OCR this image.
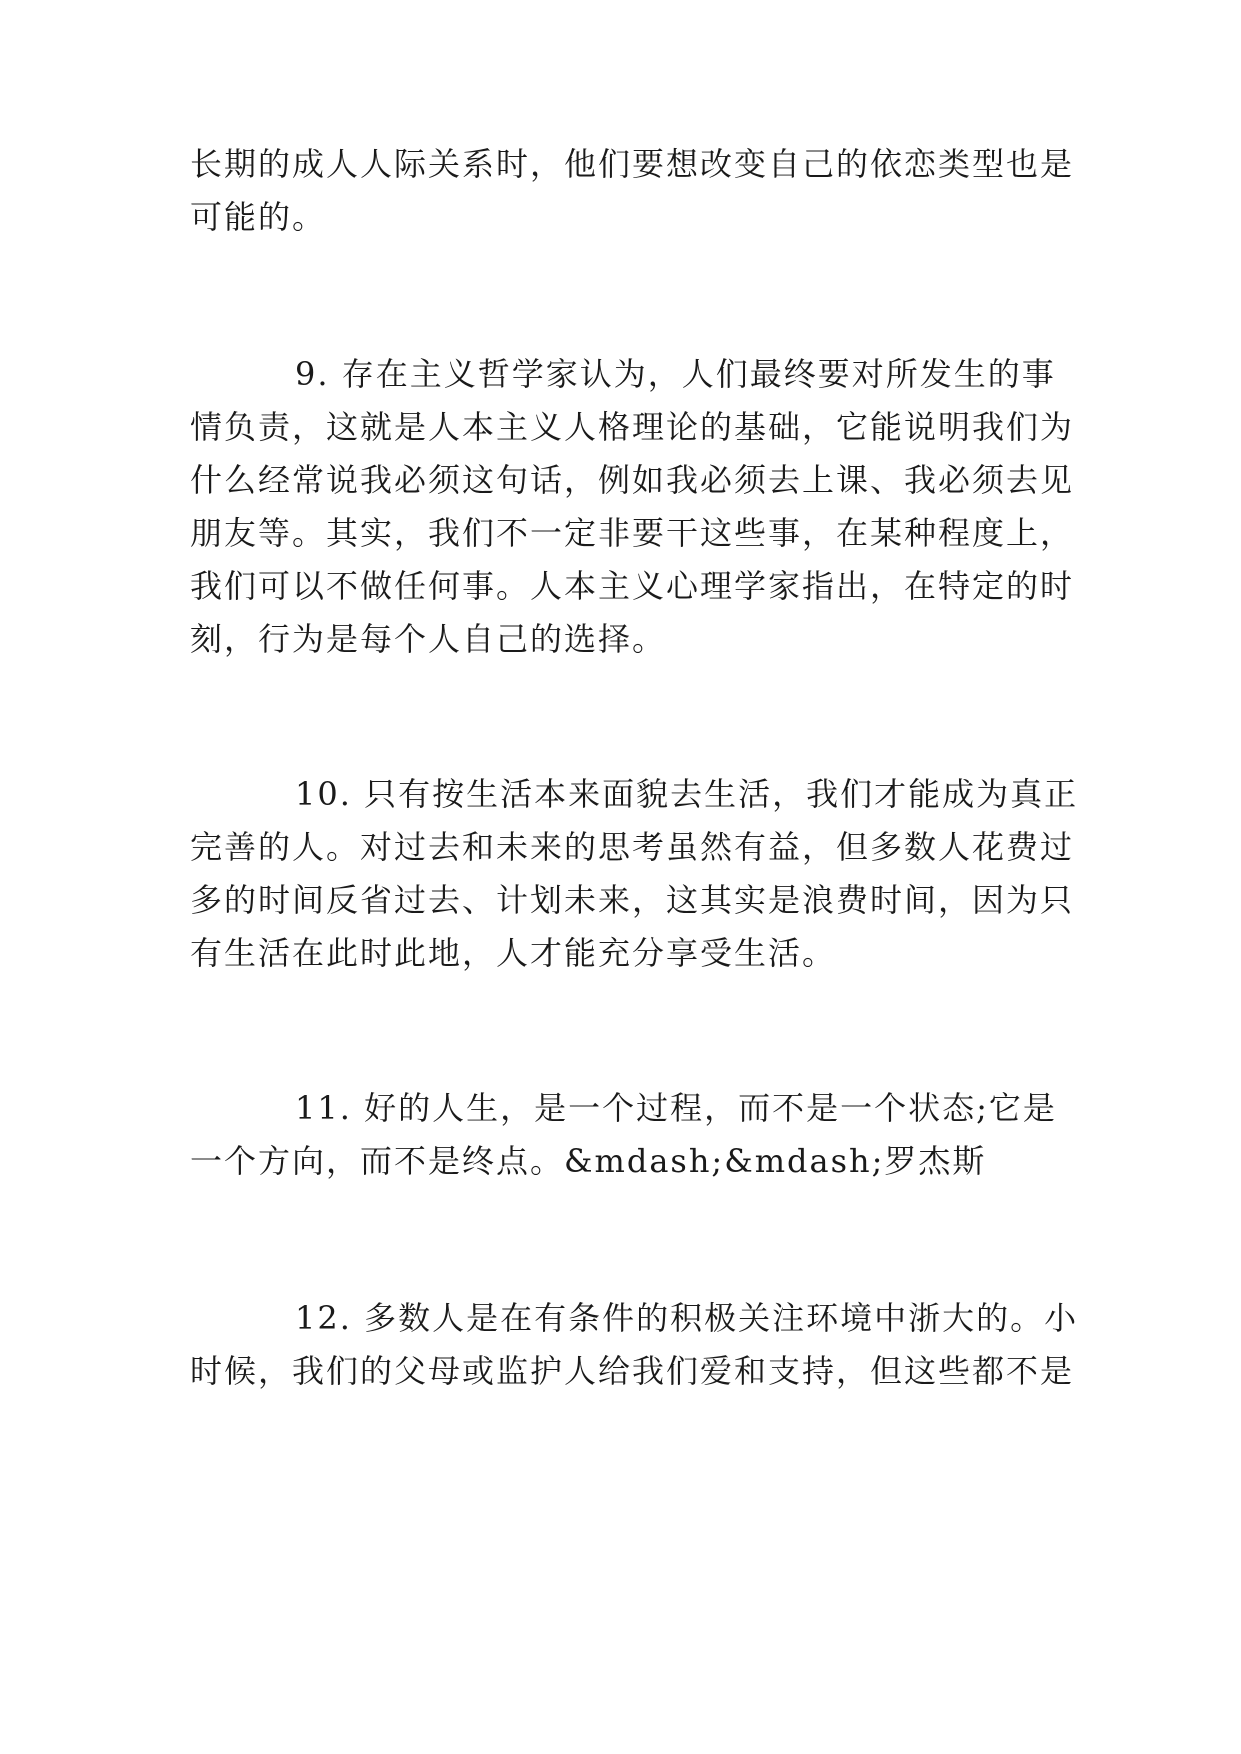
长期的成人人际关系时，他们要想改变自己的依恋类型也是
可能的。
9. 存在主义哲学家认为，人们最终要对所发生的事
情负责，这就是人本主义人格理论的基础，它能说明我们为
什么经常说我必须这句话，例如我必须去上课、我必须去见
朋友等。其实，我们不一定非要干这些事，在某种程度上，
我们可以不做任何事。人本主义心理学家指出，在特定的时
刻，行为是每个人自己的选择。
10. 只有按生活本来面貌去生活，我们才能成为真正
完善的人。对过去和未来的思考虽然有益，但多数人花费过
多的时间反省过去、计划未来，这其实是浪费时间，因为只
有生活在此时此地，人才能充分享受生活。
11. 好的人生，是一个过程，而不是一个状态;它是
一个方向，而不是终点。&mdash;&mdash;罗杰斯
12. 多数人是在有条件的积极关注环境中浙大的。小
时候，我们的父母或监护人给我们爱和支持，但这些都不是
